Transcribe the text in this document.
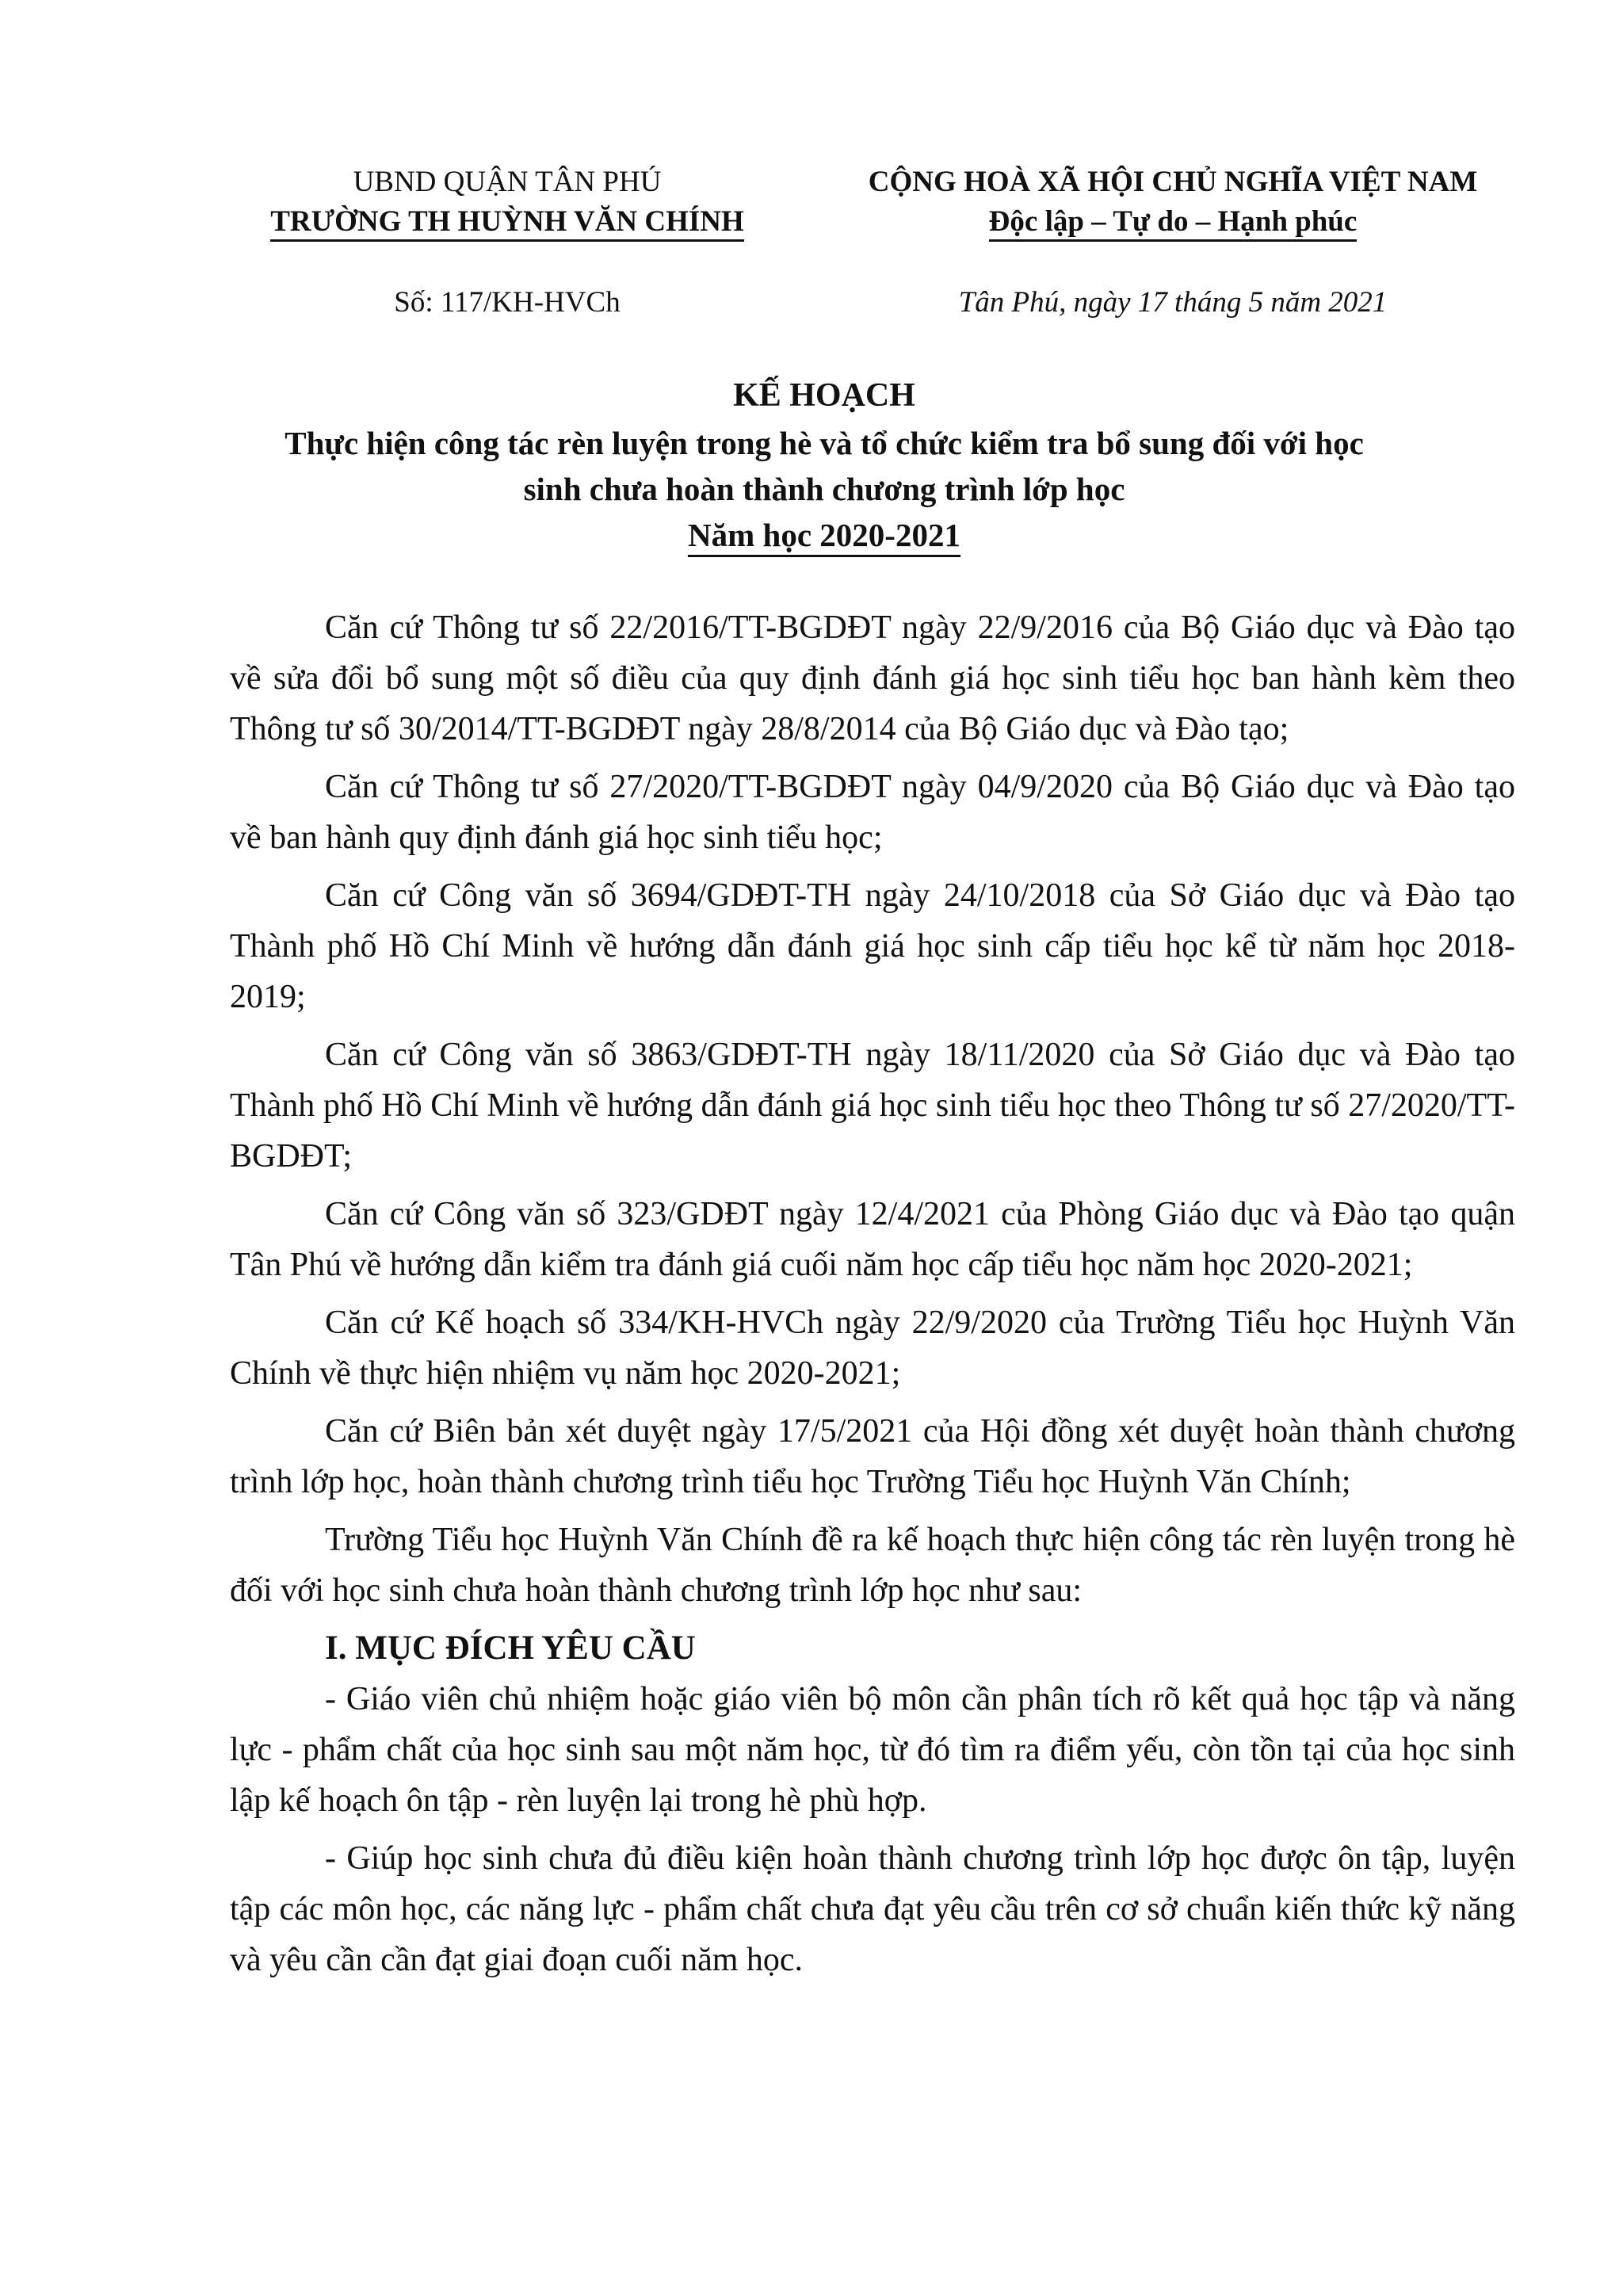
UBND QUẬN TÂN PHÚ
TRƯỜNG TH HUỲNH VĂN CHÍNH
CỘNG HOÀ XÃ HỘI CHỦ NGHĨA VIỆT NAM
Độc lập – Tự do – Hạnh phúc
Số: 117/KH-HVCh	Tân Phú, ngày 17 tháng 5 năm 2021
KẾ HOẠCH
Thực hiện công tác rèn luyện trong hè và tổ chức kiểm tra bổ sung đối với học
sinh chưa hoàn thành chương trình lớp học
Năm học 2020-2021

Căn cứ Thông tư số 22/2016/TT-BGDĐT ngày 22/9/2016 của Bộ Giáo dục và Đào tạo về sửa đổi bổ sung một số điều của quy định đánh giá học sinh tiểu học ban hành kèm theo Thông tư số 30/2014/TT-BGDĐT ngày 28/8/2014 của Bộ Giáo dục và Đào tạo;

Căn cứ Thông tư số 27/2020/TT-BGDĐT ngày 04/9/2020 của Bộ Giáo dục và Đào tạo về ban hành quy định đánh giá học sinh tiểu học;

Căn cứ Công văn số 3694/GDĐT-TH ngày 24/10/2018 của Sở Giáo dục và Đào tạo Thành phố Hồ Chí Minh về hướng dẫn đánh giá học sinh cấp tiểu học kể từ năm học 2018-2019;

Căn cứ Công văn số 3863/GDĐT-TH ngày 18/11/2020 của Sở Giáo dục và Đào tạo Thành phố Hồ Chí Minh về hướng dẫn đánh giá học sinh tiểu học theo Thông tư số 27/2020/TT-BGDĐT;

Căn cứ Công văn số 323/GDĐT ngày 12/4/2021 của Phòng Giáo dục và Đào tạo quận Tân Phú về hướng dẫn kiểm tra đánh giá cuối năm học cấp tiểu học năm học 2020-2021;

Căn cứ Kế hoạch số 334/KH-HVCh ngày 22/9/2020 của Trường Tiểu học Huỳnh Văn Chính về thực hiện nhiệm vụ năm học 2020-2021;

Căn cứ Biên bản xét duyệt ngày 17/5/2021 của Hội đồng xét duyệt hoàn thành chương trình lớp học, hoàn thành chương trình tiểu học Trường Tiểu học Huỳnh Văn Chính;

Trường Tiểu học Huỳnh Văn Chính đề ra kế hoạch thực hiện công tác rèn luyện trong hè đối với học sinh chưa hoàn thành chương trình lớp học như sau:

I. MỤC ĐÍCH YÊU CẦU

- Giáo viên chủ nhiệm hoặc giáo viên bộ môn cần phân tích rõ kết quả học tập và năng lực - phẩm chất của học sinh sau một năm học, từ đó tìm ra điểm yếu, còn tồn tại của học sinh lập kế hoạch ôn tập - rèn luyện lại trong hè phù hợp.

- Giúp học sinh chưa đủ điều kiện hoàn thành chương trình lớp học được ôn tập, luyện tập các môn học, các năng lực - phẩm chất chưa đạt yêu cầu trên cơ sở chuẩn kiến thức kỹ năng và yêu cần cần đạt giai đoạn cuối năm học.
